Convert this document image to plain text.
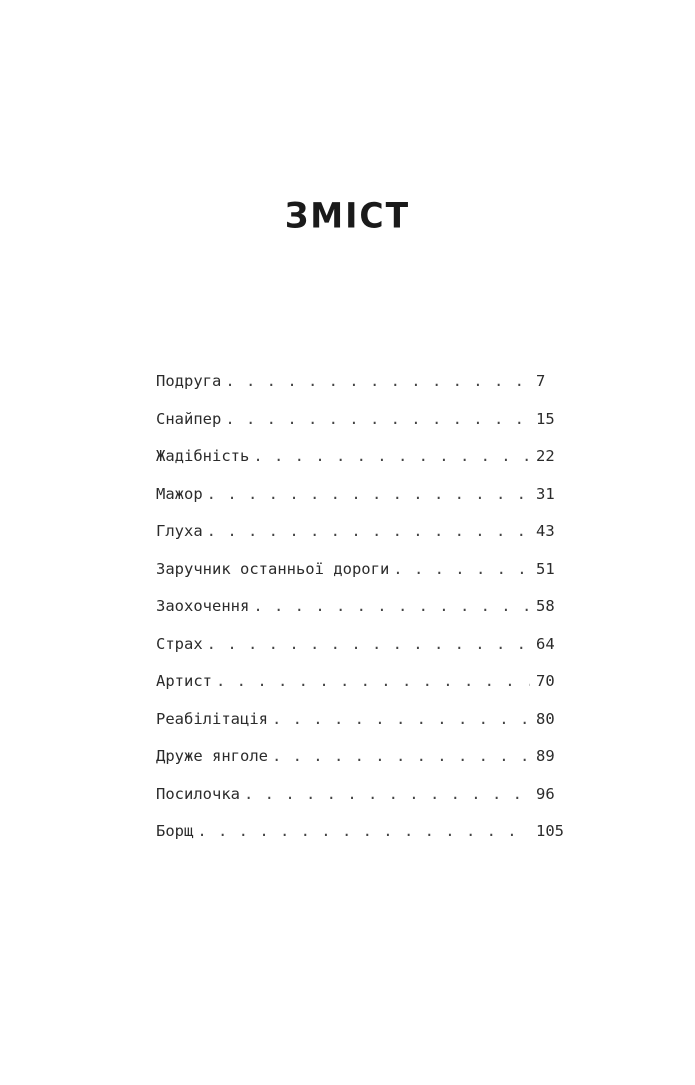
ЗМІСТ
Подруга . . .	7
Снайпер . . .	15
Жадібність . . .	22
Мажор . . .	31
Глуха . . .	43
Заручник останньої дороги . . .	51
Заохочення . . .	58
Страх . . .	64
Артист . . .	70
Реабілітація . . .	80
Друже янголе . . .	89
Посилочка . . .	96
Борщ . . .	105
